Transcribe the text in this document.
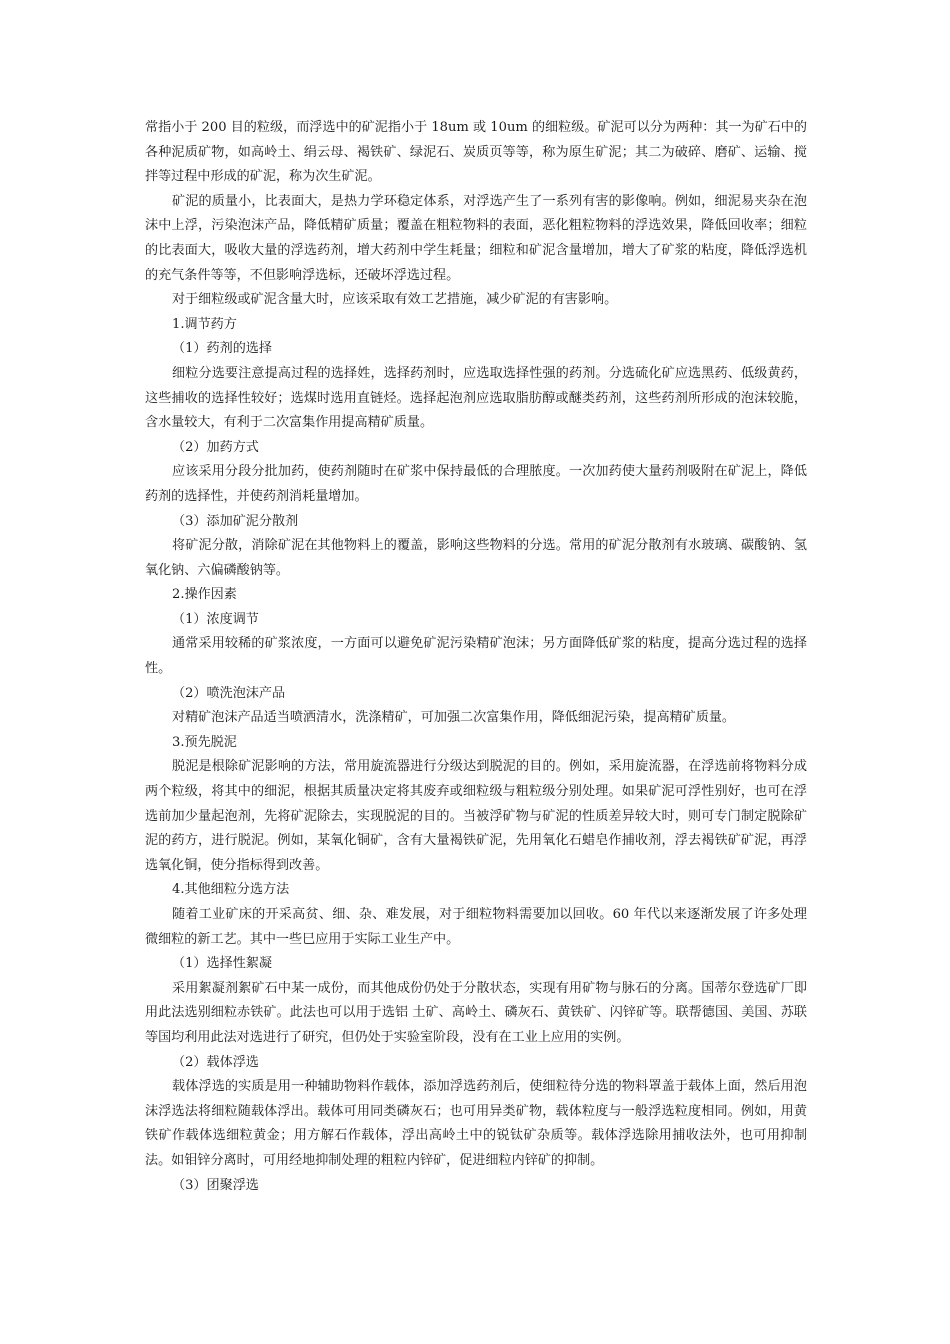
常指小于 200 目的粒级，而浮选中的矿泥指小于 18um 或 10um 的细粒级。矿泥可以分为两种：其一为矿石中的各种泥质矿物，如高岭土、绢云母、褐铁矿、绿泥石、炭质页等等，称为原生矿泥；其二为破碎、磨矿、运输、搅拌等过程中形成的矿泥，称为次生矿泥。

矿泥的质量小，比表面大，是热力学环稳定体系，对浮选产生了一系列有害的影像响。例如，细泥易夹杂在泡沫中上浮，污染泡沫产品，降低精矿质量；覆盖在粗粒物料的表面，恶化粗粒物料的浮选效果，降低回收率；细粒的比表面大，吸收大量的浮选药剂，增大药剂中学生耗量；细粒和矿泥含量增加，增大了矿浆的粘度，降低浮选机的充气条件等等，不但影响浮选标，还破坏浮选过程。

对于细粒级或矿泥含量大时，应该采取有效工艺措施，减少矿泥的有害影响。

1.调节药方

（1）药剂的选择

细粒分选要注意提高过程的选择姓，选择药剂时，应选取选择性强的药剂。分选硫化矿应选黑药、低级黄药，这些捕收的选择性较好；选煤时选用直链烃。选择起泡剂应选取脂肪醇或醚类药剂，这些药剂所形成的泡沫较脆，含水量较大，有利于二次富集作用提高精矿质量。

（2）加药方式

应该采用分段分批加药，使药剂随时在矿浆中保持最低的合理脓度。一次加药使大量药剂吸附在矿泥上，降低药剂的选择性，并使药剂消耗量增加。

（3）添加矿泥分散剂

将矿泥分散，消除矿泥在其他物料上的覆盖，影响这些物料的分选。常用的矿泥分散剂有水玻璃、碳酸钠、氢氧化钠、六偏磷酸钠等。

2.操作因素

（1）浓度调节

通常采用较稀的矿浆浓度，一方面可以避免矿泥污染精矿泡沫；另方面降低矿浆的粘度，提高分选过程的选择性。

（2）喷洗泡沫产品

对精矿泡沫产品适当喷洒清水，洗涤精矿，可加强二次富集作用，降低细泥污染，提高精矿质量。

3.预先脱泥

脱泥是根除矿泥影响的方法，常用旋流器进行分级达到脱泥的目的。例如，采用旋流器，在浮选前将物料分成两个粒级，将其中的细泥，根据其质量决定将其废弃或细粒级与粗粒级分别处理。如果矿泥可浮性别好，也可在浮选前加少量起泡剂，先将矿泥除去，实现脱泥的目的。当被浮矿物与矿泥的性质差异较大时，则可专门制定脱除矿泥的药方，进行脱泥。例如，某氧化铜矿，含有大量褐铁矿泥，先用氧化石蜡皂作捕收剂，浮去褐铁矿矿泥，再浮选氧化铜，使分指标得到改善。

4.其他细粒分选方法

随着工业矿床的开采高贫、细、杂、难发展，对于细粒物料需要加以回收。60 年代以来逐渐发展了许多处理微细粒的新工艺。其中一些巳应用于实际工业生产中。

（1）选择性絮凝

采用絮凝剂絮矿石中某一成份，而其他成份仍处于分散状态，实现有用矿物与脉石的分离。国蒂尔登选矿厂即用此法选别细粒赤铁矿。此法也可以用于选铝 土矿、高岭土、磷灰石、黄铁矿、闪锌矿等。联帮德国、美国、苏联等国均利用此法对选进行了研究，但仍处于实验室阶段，没有在工业上应用的实例。

（2）载体浮选

载体浮选的实质是用一种辅助物料作载体，添加浮选药剂后，使细粒待分选的物料罩盖于载体上面，然后用泡沫浮选法将细粒随载体浮出。载体可用同类磷灰石；也可用异类矿物，载体粒度与一般浮选粒度相同。例如，用黄铁矿作载体选细粒黄金；用方解石作载体，浮出高岭土中的锐钛矿杂质等。载体浮选除用捕收法外，也可用抑制法。如钼锌分离时，可用经地抑制处理的粗粒内锌矿，促进细粒内锌矿的抑制。

（3）团聚浮选
